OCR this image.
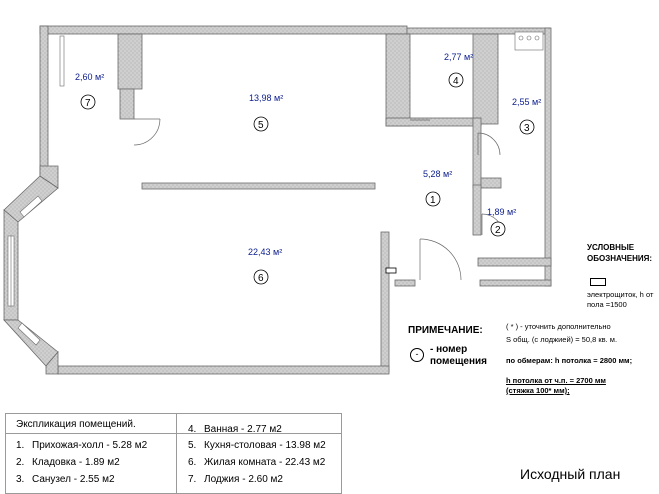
5,28 м²
1
1,89 м²
2
2,55 м²
3
2,77 м²
4
13,98 м²
5
22,43 м²
6
2,60 м²
7
УСЛОВНЫЕ ОБОЗНАЧЕНИЯ:
электрощиток, h от пола =1500
ПРИМЕЧАНИЕ:
-	- номер помещения
( * ) - уточнить дополнительно
S общ. (с лоджией) = 50,8 кв. м.
по обмерам: h потолка = 2800 мм;
h потолка от ч.п. = 2700 мм
(стяжка 100* мм);
Экспликация помещений.
1. Прихожая-холл - 5.28 м2
2. Кладовка - 1.89 м2
3. Санузел - 2.55 м2
4. Ванная - 2.77 м2
5. Кухня-столовая - 13.98 м2
6. Жилая комната - 22.43 м2
7. Лоджия - 2.60 м2	Исходный план
